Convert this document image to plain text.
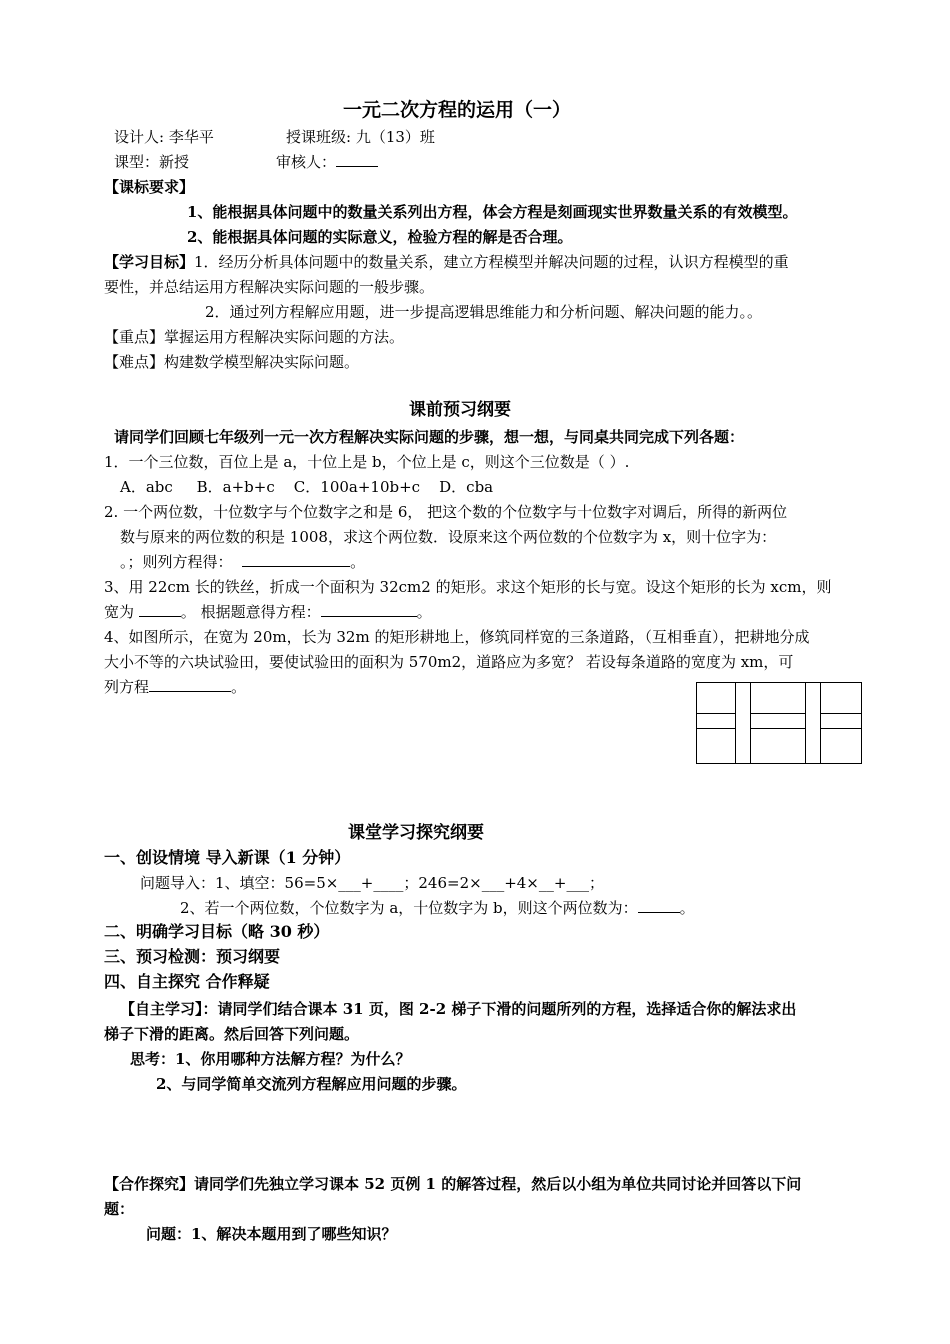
一元二次方程的运用（一）
设计人: 李华平	授课班级: 九（13）班
课型：新授	审核人：
【课标要求】
1、能根据具体问题中的数量关系列出方程，体会方程是刻画现实世界数量关系的有效模型。
2、能根据具体问题的实际意义，检验方程的解是否合理。
【学习目标】1．经历分析具体问题中的数量关系，建立方程模型并解决问题的过程，认识方程模型的重
要性，并总结运用方程解决实际问题的一般步骤。
2．通过列方程解应用题，进一步提高逻辑思维能力和分析问题、解决问题的能力。。
【重点】掌握运用方程解决实际问题的方法。
【难点】构建数学模型解决实际问题。
课前预习纲要
请同学们回顾七年级列一元一次方程解决实际问题的步骤，想一想，与同桌共同完成下列各题：
1．一个三位数，百位上是 a，十位上是 b，个位上是 c，则这个三位数是（ ）.
A．abc     B．a+b+c    C．100a+10b+c    D．cba
2. 一个两位数，十位数字与个位数字之和是 6， 把这个数的个位数字与十位数字对调后，所得的新两位
数与原来的两位数的积是 1008，求这个两位数．设原来这个两位数的个位数字为 x，则十位字为：
。；则列方程得：	。
3、用 22cm 长的铁丝，折成一个面积为 32cm2 的矩形。求这个矩形的长与宽。设这个矩形的长为 xcm，则
宽为	。 根据题意得方程：	。
4、如图所示，在宽为 20m，长为 32m 的矩形耕地上，修筑同样宽的三条道路，（互相垂直），把耕地分成
大小不等的六块试验田，要使试验田的面积为 570m2，道路应为多宽？ 若设每条道路的宽度为 xm，可
列方程	。
课堂学习探究纲要
一、创设情境 导入新课（1 分钟）
问题导入：1、填空：56=5×___+____；246=2×___+4×__+___；
2、若一个两位数，个位数字为 a，十位数字为 b，则这个两位数为：	。
二、明确学习目标（略 30 秒）
三、预习检测：预习纲要
四、自主探究 合作释疑
【自主学习】：请同学们结合课本 31 页，图 2-2 梯子下滑的问题所列的方程，选择适合你的解法求出
梯子下滑的距离。然后回答下列问题。
思考：1、你用哪种方法解方程？为什么？
2、与同学简单交流列方程解应用问题的步骤。
【合作探究】请同学们先独立学习课本 52 页例 1 的解答过程，然后以小组为单位共同讨论并回答以下问
题：
问题：1、解决本题用到了哪些知识？
